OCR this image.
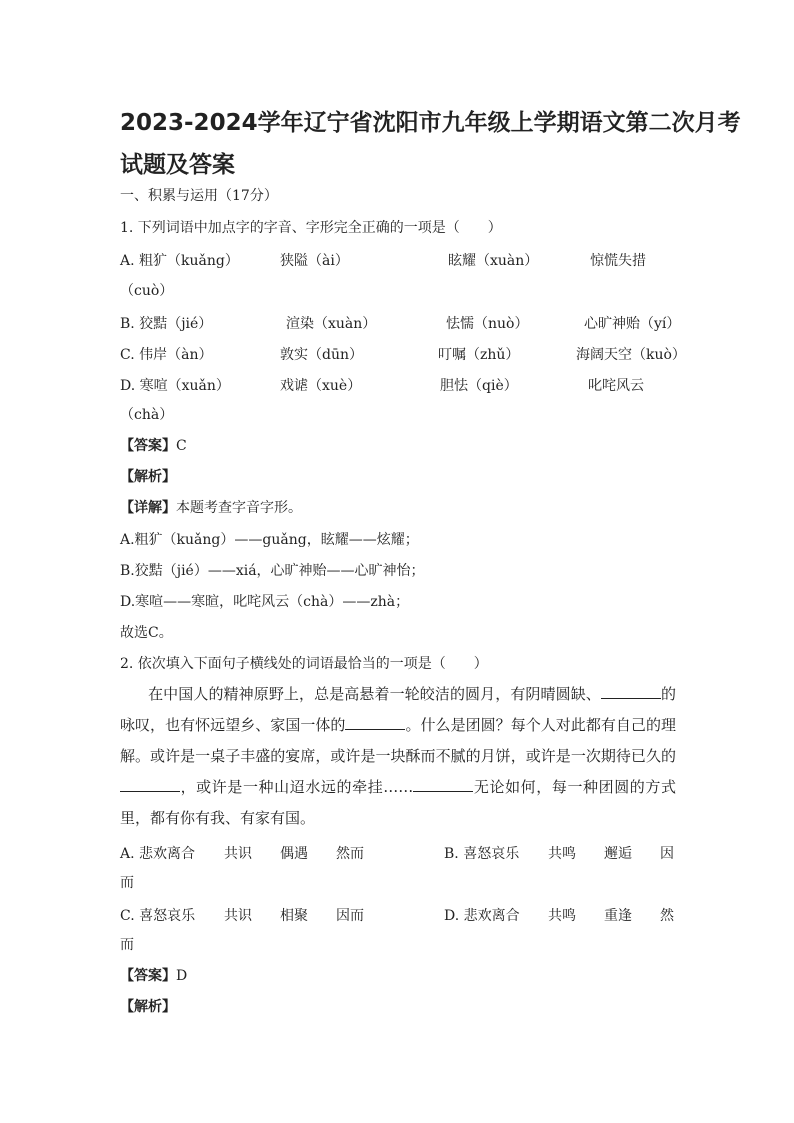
2023-2024学年辽宁省沈阳市九年级上学期语文第二次月考
试题及答案
一、积累与运用（17分）
1. 下列词语中加点字的字音、字形完全正确的一项是（　　）
A. 粗犷（kuǎng）	狭隘（ài）	眩耀（xuàn）	惊慌失措
（cuò）
B. 狡黠（jié）	渲染（xuàn）	怯懦（nuò）	心旷神贻（yí）
C. 伟岸（àn）	敦实（dūn）	叮嘱（zhǔ）	海阔天空（kuò）
D. 寒喧（xuǎn）	戏谑（xuè）	胆怯（qiè）	叱咤风云
（chà）
【答案】C
【解析】
【详解】本题考查字音字形。
A.粗犷（kuǎng）——guǎng，眩耀——炫耀；
B.狡黠（jié）——xiá，心旷神贻——心旷神怡；
D.寒喧——寒暄，叱咤风云（chà）——zhà；
故选C。
2. 依次填入下面句子横线处的词语最恰当的一项是（　　）
在中国人的精神原野上，总是高悬着一轮皎洁的圆月，有阴晴圆缺、	的咏叹，也有怀远望乡、家国一体的	。什么是团圆？每个人对此都有自己的理解。或许是一桌子丰盛的宴席，或许是一块酥而不腻的月饼，或许是一次期待已久的，或许是一种山迢水远的牵挂……	无论如何，每一种团圆的方式里，都有你有我、有家有国。
A. 悲欢离合 共识 偶遇 然而	B. 喜怒哀乐 共鸣 邂逅 因
而
C. 喜怒哀乐 共识 相聚 因而	D. 悲欢离合 共鸣 重逢 然
而
【答案】D
【解析】
